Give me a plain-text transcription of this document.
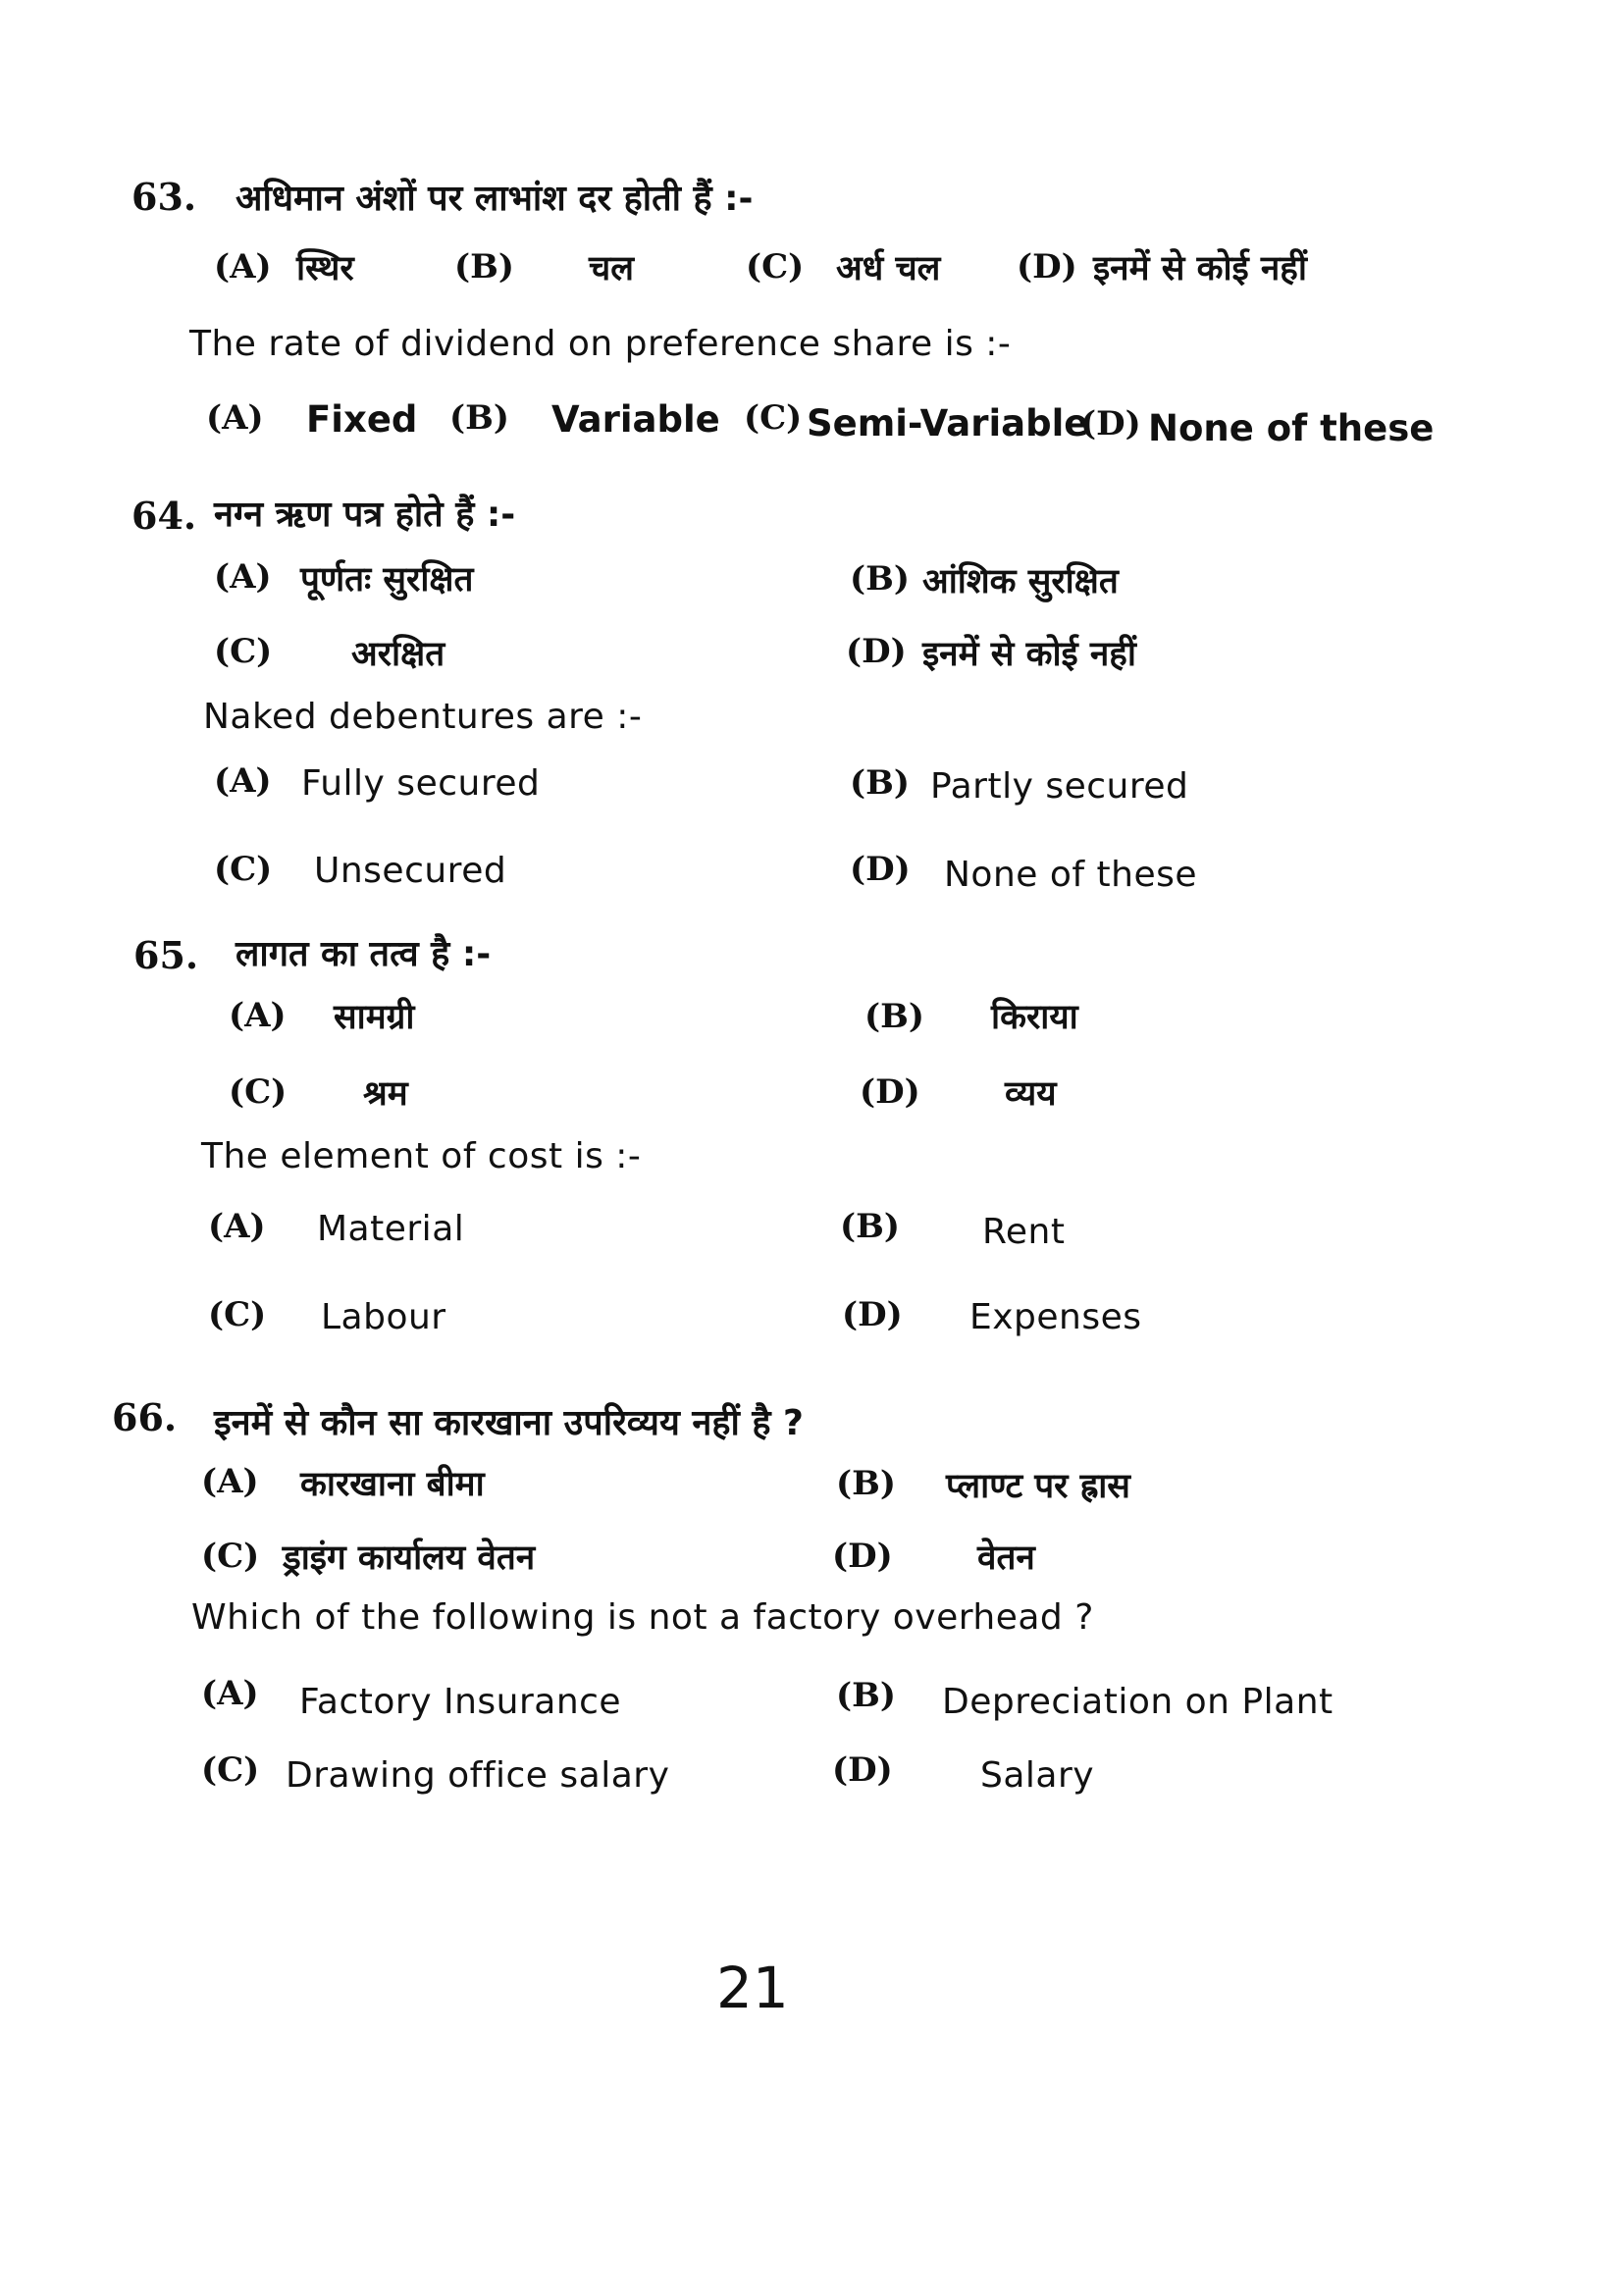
63. अधिमान अंशों पर लाभांश दर होती हैं :-
(A) स्थिर	(B) चल	(C) अर्ध चल (D) इनमें से कोई नहीं
The rate of dividend on preference share is :-
(A) Fixed (B) Variable (C) Semi-Variable
(D) None of these
64. नग्न ऋण पत्र होते हैं :-
(A) पूर्णतः सुरक्षित	(B) आंशिक सुरक्षित
(C) अरक्षित	(D) इनमें से कोई नहीं
Naked debentures are :-
(A) Fully secured	(B) Partly secured
(C) Unsecured	(D) None of these
65. लागत का तत्व है :-
(A) सामग्री	(B) किराया
(C) श्रम	(D) व्यय
The element of cost is :-
(A) Material	(B) Rent
(C) Labour	(D) Expenses
66. इनमें से कौन सा कारखाना उपरिव्यय नहीं है ?
(A) कारखाना बीमा	(B) प्लाण्ट पर ह्रास
(C) ड्राइंग कार्यालय वेतन	(D) वेतन
Which of the following is not a factory overhead ?
(A) Factory Insurance	(B) Depreciation on Plant
(C) Drawing office salary	(D) Salary
21
